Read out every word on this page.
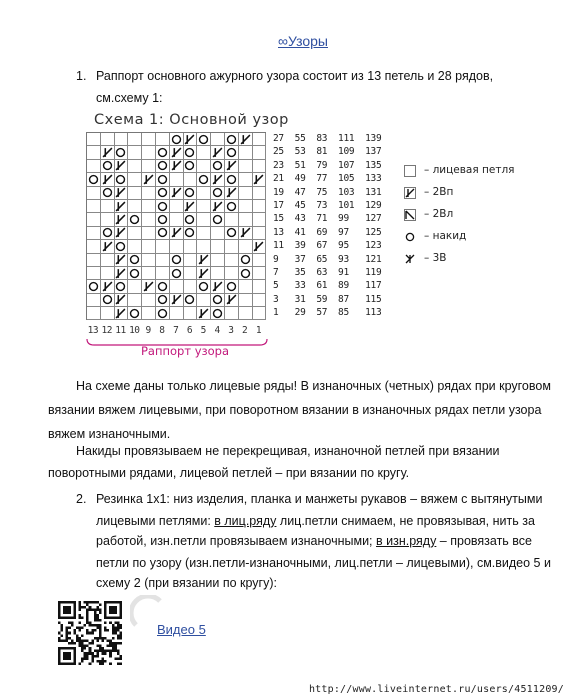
∞Узоры
1. Раппорт основного ажурного узора состоит из 13 петель и 28 рядов,
см.схему 1:
Схема 1: Основной узор
27  55  83  111  139
25  53  81  109  137
23  51  79  107  135
21  49  77  105  133
19  47  75  103  131
17  45  73  101  129
15  43  71  99   127
13  41  69  97   125
11  39  67  95   123
9   37  65  93   121
7   35  63  91   119
5   33  61  89   117
3   31  59  87   115
1   29  57  85   113
13 12 11 10 9 8 7 6 5 4 3 2 1
Раппорт узора
– лицевая петля
– 2Вп
– 2Вл
– накид
– 3В
На схеме даны только лицевые ряды! В изнаночных (четных) рядах при круговом
вязании вяжем лицевыми, при поворотном вязании в изнаночных рядах петли узора
вяжем изнаночными.
Накиды провязываем не перекрещивая, изнаночной петлей при вязании
поворотными рядами, лицевой петлей – при вязании по кругу.
2. Резинка 1х1: низ изделия, планка и манжеты рукавов – вяжем с вытянутыми
лицевыми петлями: в лиц.ряду лиц.петли снимаем, не провязывая, нить за
работой, изн.петли провязываем изнаночными; в изн.ряду – провязать все
петли по узору (изн.петли-изнаночными, лиц.петли – лицевыми), см.видео 5 и
схему 2 (при вязании по кругу):
Видео 5
http://www.liveinternet.ru/users/4511209/
